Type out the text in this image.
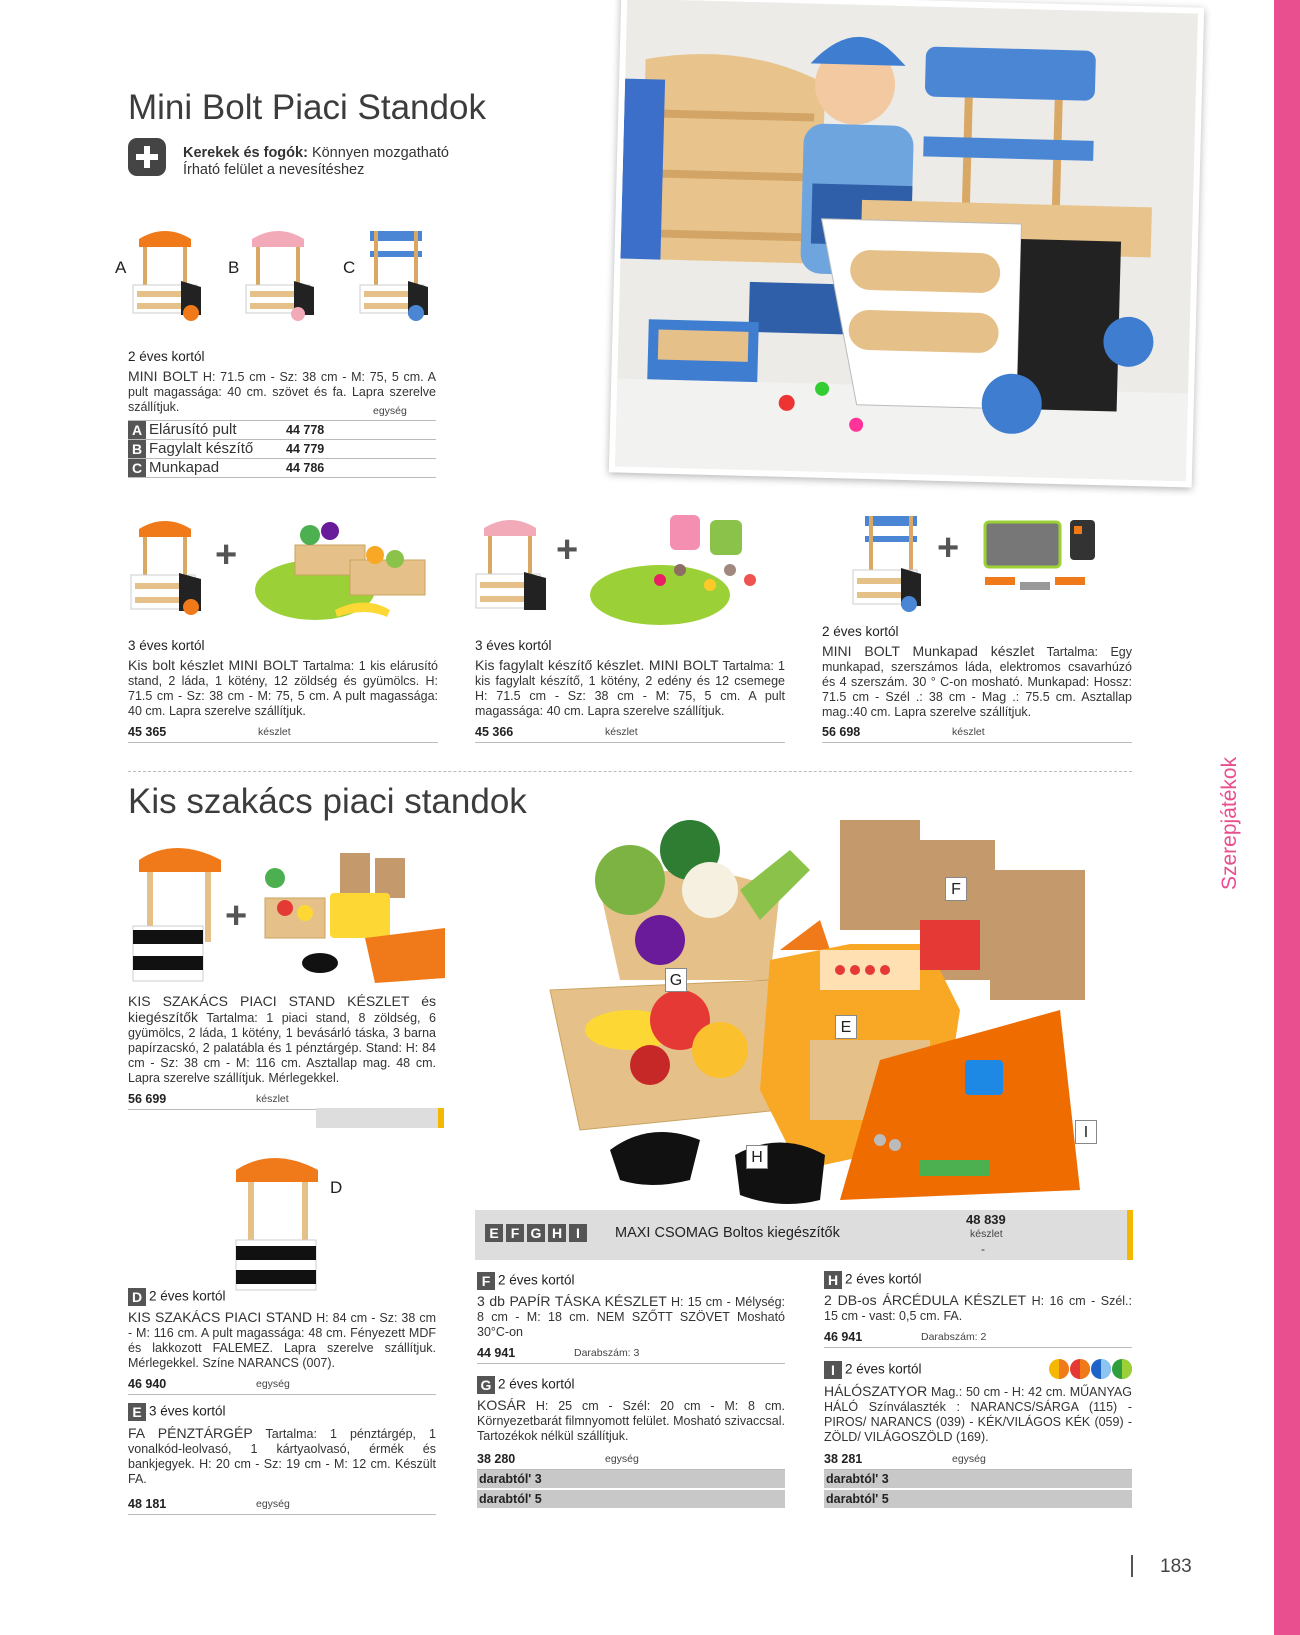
Szerepjátékok
183
Mini Bolt Piaci Standok
Kerekek és fogók: Könnyen mozgatható
Írható felület a nevesítéshez
A	B	C
2 éves kortól
MINI BOLT H: 71.5 cm - Sz: 38 cm - M: 75, 5 cm. A pult magassága: 40 cm. szövet és fa. Lapra szerelve szállítjuk.	egység
A Elárusító pult	44 778
B Fagylalt készítő	44 779
C Munkapad	44 786
+
3 éves kortól
Kis bolt készlet MINI BOLT Tartalma: 1 kis elárusító stand, 2 láda, 1 kötény, 12 zöldség és gyümölcs. H: 71.5 cm - Sz: 38 cm - M: 75, 5 cm. A pult magassága: 40 cm. Lapra szerelve szállítjuk.
45 365	készlet
+
3 éves kortól
Kis fagylalt készítő készlet. MINI BOLT Tartalma: 1 kis fagylalt készítő, 1 kötény, 2 edény és 12 csemege H: 71.5 cm - Sz: 38 cm - M: 75, 5 cm. A pult magassága: 40 cm. Lapra szerelve szállítjuk.
45 366	készlet
+
2 éves kortól
MINI BOLT Munkapad készlet Tartalma: Egy munkapad, szerszámos láda, elektromos csavarhúzó és 4 szerszám. 30 ° C-on mosható. Munkapad: Hossz: 71.5 cm - Szél .: 38 cm - Mag .: 75.5 cm. Asztallap mag.:40 cm. Lapra szerelve szállítjuk.
56 698	készlet
Kis szakács piaci standok
+
KIS SZAKÁCS PIACI STAND KÉSZLET és kiegészítők Tartalma: 1 piaci stand, 8 zöldség, 6 gyümölcs, 2 láda, 1 kötény, 1 bevásárló táska, 3 barna papírzacskó, 2 palatábla és 1 pénztárgép. Stand: H: 84 cm - Sz: 38 cm - M: 116 cm. Asztallap mag. 48 cm. Lapra szerelve szállítjuk. Mérlegekkel.
56 699	készlet
D
F
G
E
I
H
E F G H I	MAXI CSOMAG Boltos kiegészítők
48 839
készlet
-
D 2 éves kortól
KIS SZAKÁCS PIACI STAND H: 84 cm - Sz: 38 cm - M: 116 cm. A pult magassága: 48 cm. Fényezett MDF és lakkozott FALEMEZ. Lapra szerelve szállítjuk. Mérlegekkel. Színe NARANCS (007).
46 940	egység
E 3 éves kortól
FA PÉNZTÁRGÉP Tartalma: 1 pénztárgép, 1 vonalkód-leolvasó, 1 kártyaolvasó, érmék és bankjegyek. H: 20 cm - Sz: 19 cm - M: 12 cm. Készült FA.
48 181	egység
F 2 éves kortól
3 db PAPÍR TÁSKA KÉSZLET H: 15 cm - Mélység: 8 cm - M: 18 cm. NEM SZŐTT SZÖVET Mosható 30°C-on
44 941	Darabszám: 3
G 2 éves kortól
KOSÁR H: 25 cm - Szél: 20 cm - M: 8 cm. Környezetbarát filmnyomott felület. Mosható szivaccsal. Tartozékok nélkül szállítjuk.
38 280	egység
darabtól' 3
darabtól' 5
H 2 éves kortól
2 DB-os ÁRCÉDULA KÉSZLET H: 16 cm - Szél.: 15 cm - vast: 0,5 cm. FA.
46 941	Darabszám: 2
I 2 éves kortól
HÁLÓSZATYOR Mag.: 50 cm - H: 42 cm. MŰANYAG HÁLÓ Színválaszték : NARANCS/SÁRGA (115) - PIROS/ NARANCS (039) - KÉK/VILÁGOS KÉK (059) - ZÖLD/ VILÁGOSZÖLD (169).
38 281	egység
darabtól' 3
darabtól' 5
